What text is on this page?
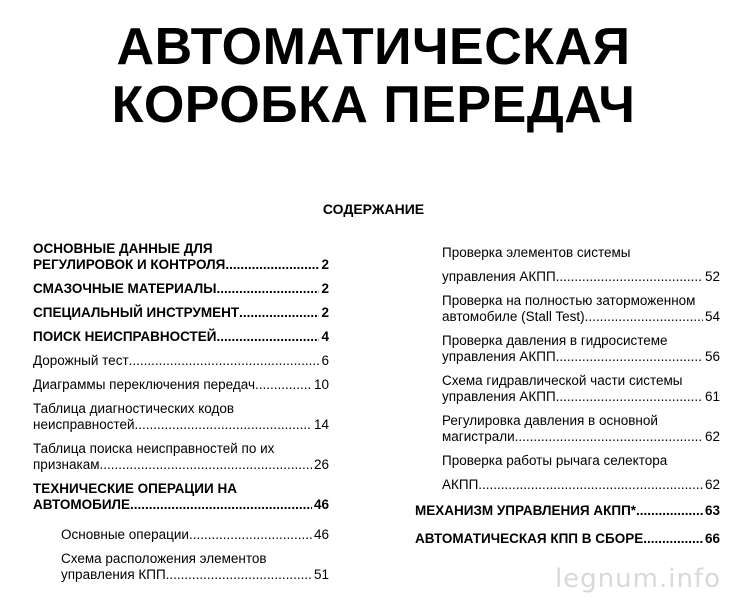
АВТОМАТИЧЕСКАЯ
КОРОБКА ПЕРЕДАЧ
СОДЕРЖАНИЕ
ОСНОВНЫЕ ДАННЫЕ ДЛЯ
РЕГУЛИРОВОК И КОНТРОЛЯ .....	2
СМАЗОЧНЫЕ МАТЕРИАЛЫ .....	2
СПЕЦИАЛЬНЫЙ ИНСТРУМЕНТ .....	2
ПОИСК НЕИСПРАВНОСТЕЙ .....	4
Дорожный тест .....	6
Диаграммы переключения передач .....	10
Таблица диагностических кодов
неисправностей .....	14
Таблица поиска неисправностей по их
признакам .....	26
ТЕХНИЧЕСКИЕ ОПЕРАЦИИ НА
АВТОМОБИЛЕ .....	46
Основные операции .....	46
Схема расположения элементов
управления КПП .....	51
Проверка элементов системы
управления АКПП .....	52
Проверка на полностью заторможенном
автомобиле (Stall Test) .....	54
Проверка давления в гидросистеме
управления АКПП .....	56
Схема гидравлической части системы
управления АКПП .....	61
Регулировка давления в основной
магистрали .....	62
Проверка работы рычага селектора
АКПП .....	62
МЕХАНИЗМ УПРАВЛЕНИЯ АКПП* .....	63
АВТОМАТИЧЕСКАЯ КПП В СБОРЕ .....	66
legnum.info
